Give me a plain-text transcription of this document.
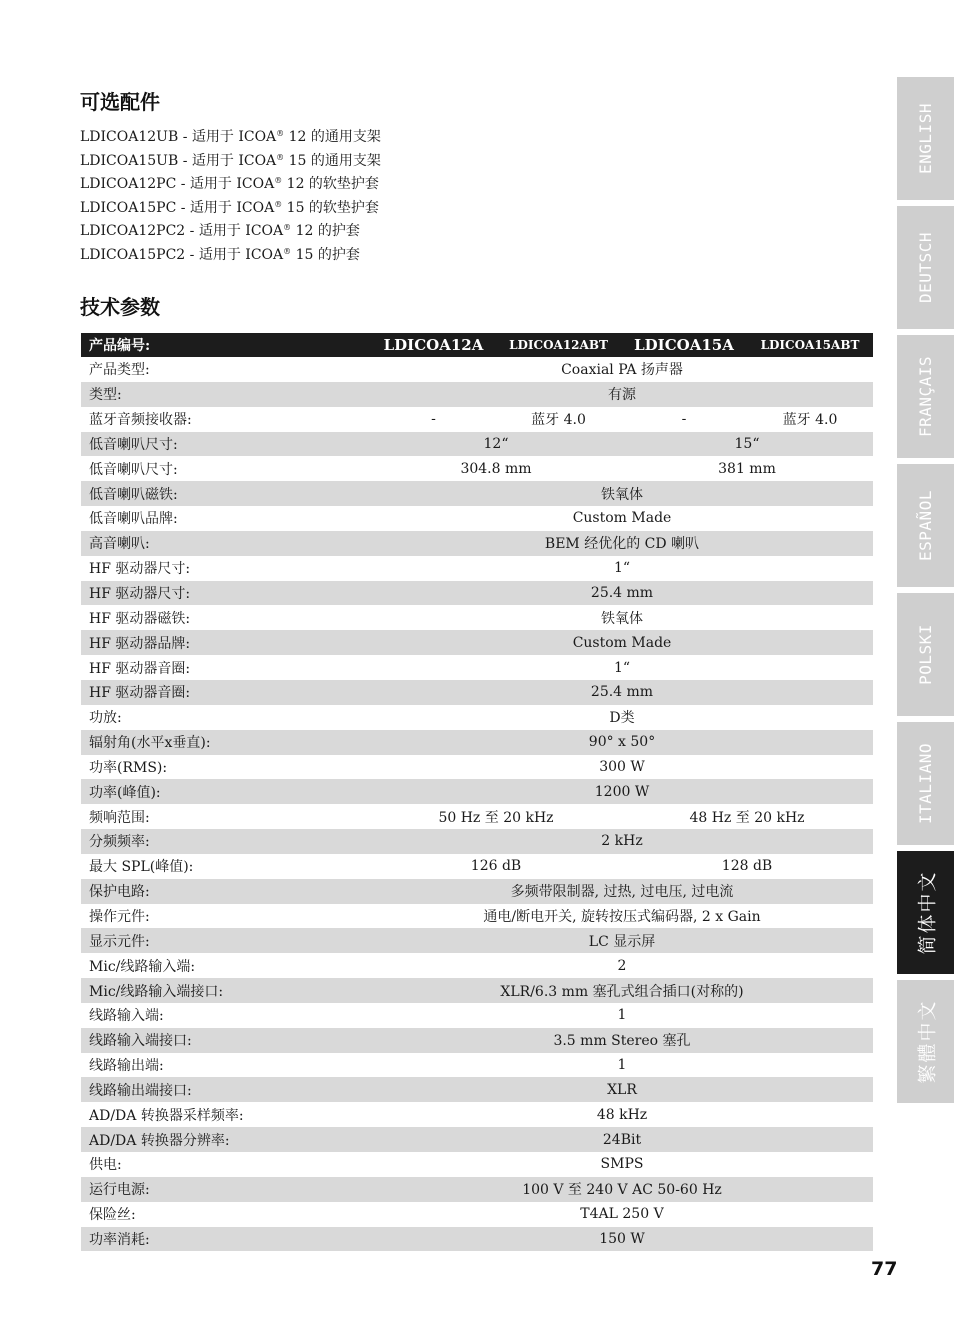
可选配件
LDICOA12UB - 适用于 ICOA® 12 的通用支架
LDICOA15UB - 适用于 ICOA® 15 的通用支架
LDICOA12PC - 适用于 ICOA® 12 的软垫护套
LDICOA15PC - 适用于 ICOA® 15 的软垫护套
LDICOA12PC2 - 适用于 ICOA® 12 的护套
LDICOA15PC2 - 适用于 ICOA® 15 的护套
技术参数
产品编号:	LDICOA12A	LDICOA12ABT	LDICOA15A	LDICOA15ABT
产品类型:	Coaxial PA 扬声器			
类型:	有源			
蓝牙音频接收器:	-	蓝牙 4.0	-	蓝牙 4.0
低音喇叭尺寸:	12“		15“	
低音喇叭尺寸:	304.8 mm		381 mm	
低音喇叭磁铁:	铁氧体			
低音喇叭品牌:	Custom Made			
高音喇叭:	BEM 经优化的 CD 喇叭			
HF 驱动器尺寸:	1“			
HF 驱动器尺寸:	25.4 mm			
HF 驱动器磁铁:	铁氧体			
HF 驱动器品牌:	Custom Made			
HF 驱动器音圈:	1“			
HF 驱动器音圈:	25.4 mm			
功放:	D类			
辐射角(水平x垂直):	90° x 50°			
功率(RMS):	300 W			
功率(峰值):	1200 W			
频响范围:	50 Hz 至 20 kHz		48 Hz 至 20 kHz	
分频频率:	2 kHz			
最大 SPL(峰值):	126 dB		128 dB	
保护电路:	多频带限制器, 过热, 过电压, 过电流			
操作元件:	通电/断电开关, 旋转按压式编码器, 2 x Gain			
显示元件:	LC 显示屏			
Mic/线路输入端:	2			
Mic/线路输入端接口:	XLR/6.3 mm 塞孔式组合插口(对称的)			
线路输入端:	1			
线路输入端接口:	3.5 mm Stereo 塞孔			
线路输出端:	1			
线路输出端接口:	XLR			
AD/DA 转换器采样频率:	48 kHz			
AD/DA 转换器分辨率:	24Bit			
供电:	SMPS			
运行电源:	100 V 至 240 V AC 50-60 Hz			
保险丝:	T4AL 250 V			
功率消耗:	150 W			
ENGLISH
DEUTSCH
FRANÇAIS
ESPAÑOL
POLSKI
ITALIANO
简体中文
繁體中文
77
